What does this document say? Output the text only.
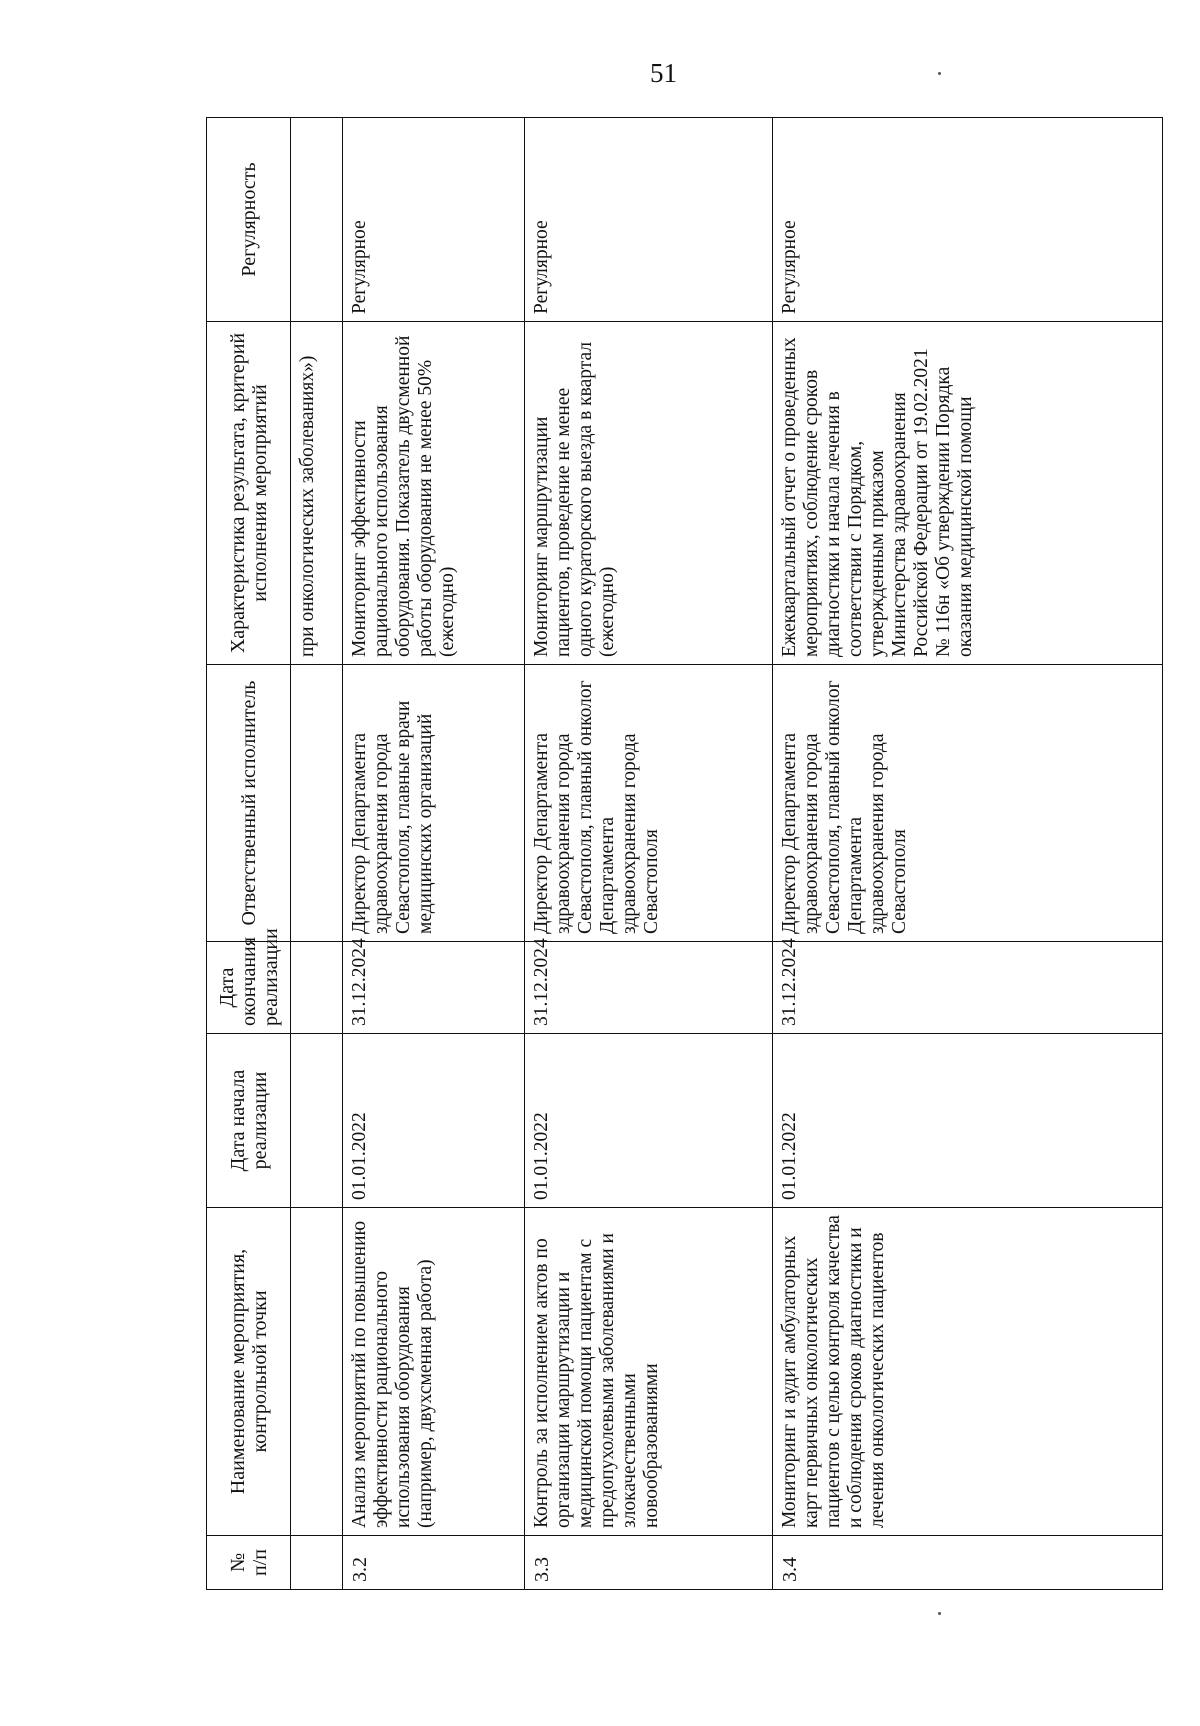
51
№ п/п	Наименование мероприятия, контрольной точки	Дата начала реализации	Дата окончания реализации	Ответственный исполнитель	Характеристика результата, критерий исполнения мероприятий	Регулярность
					при онкологических заболеваниях»)	
3.2	Анализ мероприятий по повышению эффективности рационального использования оборудования (например, двухсменная работа)	01.01.2022	31.12.2024	Директор Департамента здравоохранения города Севастополя, главные врачи медицинских организаций	Мониторинг эффективности рационального использования оборудования. Показатель двусменной работы оборудования не менее 50% (ежегодно)	Регулярное
3.3	Контроль за исполнением актов по организации маршрутизации и медицинской помощи пациентам с предопухолевыми заболеваниями и злокачественными новообразованиями	01.01.2022	31.12.2024	Директор Департамента здравоохранения города Севастополя, главный онколог Департамента здравоохранения города Севастополя	Мониторинг маршрутизации пациентов, проведение не менее одного кураторского выезда в квартал (ежегодно)	Регулярное
3.4	Мониторинг и аудит амбулаторных карт первичных онкологических пациентов с целью контроля качества и соблюдения сроков диагностики и лечения онкологических пациентов	01.01.2022	31.12.2024	Директор Департамента здравоохранения города Севастополя, главный онколог Департамента здравоохранения города Севастополя	Ежеквартальный отчет о проведенных мероприятиях, соблюдение сроков диагностики и начала лечения в соответствии с Порядком, утвержденным приказом Министерства здравоохранения Российской Федерации от 19.02.2021 № 116н «Об утверждении Порядка оказания медицинской помощи	Регулярное
